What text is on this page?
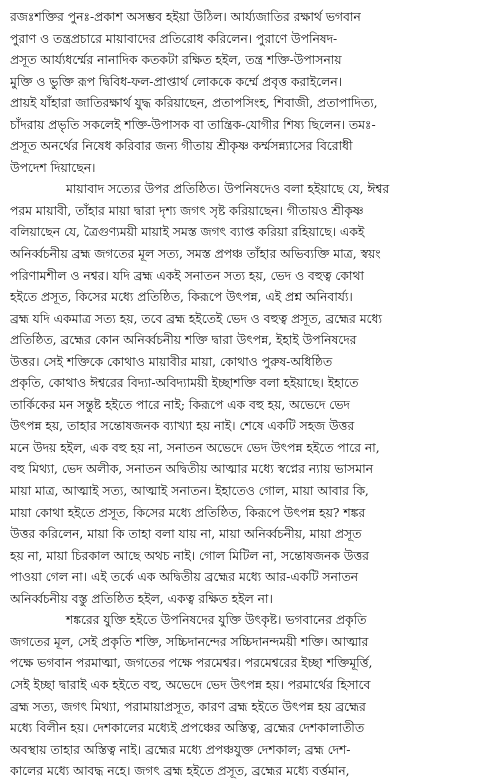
রজঃশক্তির পুনঃ-প্রকাশ অসম্ভব হইয়া উঠিল। আর্য্যজাতির রক্ষার্থ ভগবান
পুরাণ ও তন্ত্রপ্রচারে মায়াবাদের প্রতিরোধ করিলেন। পুরাণে উপনিষদ-
প্রসূত আর্য্যধর্ম্মের নানাদিক কতকটা রক্ষিত হইল, তন্ত্র শক্তি-উপাসনায়
মুক্তি ও ভুক্তি রূপ দ্বিবিধ-ফল-প্রাপ্তার্থ লোককে কর্ম্মে প্রবৃত্ত করাইলেন।
প্রায়ই যাঁহারা জাতিরক্ষার্থ যুদ্ধ করিয়াছেন, প্রতাপসিংহ, শিবাজী, প্রতাপাদিত্য,
চাঁদরায় প্রভৃতি সকলেই শক্তি-উপাসক বা তান্ত্রিক-যোগীর শিষ্য ছিলেন। তমঃ-
প্রসূত অনর্থের নিষেধ করিবার জন্য গীতায় শ্রীকৃষ্ণ কর্ম্মসন্ন্যাসের বিরোধী
উপদেশ দিয়াছেন।

মায়াবাদ সত্যের উপর প্রতিষ্ঠিত। উপনিষদেও বলা হইয়াছে যে, ঈশ্বর
পরম মায়াবী, তাঁহার মায়া দ্বারা দৃশ্য জগৎ সৃষ্ট করিয়াছেন। গীতায়ও শ্রীকৃষ্ণ
বলিয়াছেন যে, ত্রৈগুণ্যময়ী মায়াই সমস্ত জগৎ ব্যাপ্ত করিয়া রহিয়াছে। একই
অনির্ব্বচনীয় ব্রহ্ম জগতের মূল সত্য, সমস্ত প্রপঞ্চ তাঁহার অভিব্যক্তি মাত্র, স্বয়ং
পরিণামশীল ও নশ্বর। যদি ব্রহ্ম একই সনাতন সত্য হয়, ভেদ ও বহুত্ব কোথা
হইতে প্রসূত, কিসের মধ্যে প্রতিষ্ঠিত, কিরূপে উৎপন্ন, এই প্রশ্ন অনিবার্য্য।
ব্রহ্ম যদি একমাত্র সত্য হয়, তবে ব্রহ্ম হইতেই ভেদ ও বহুত্ব প্রসূত, ব্রহ্মের মধ্যে
প্রতিষ্ঠিত, ব্রহ্মের কোন অনির্ব্বচনীয় শক্তি দ্বারা উৎপন্ন, ইহাই উপনিষদের
উত্তর। সেই শক্তিকে কোথাও মায়াবীর মায়া, কোথাও পুরুষ-অধিষ্ঠিত
প্রকৃতি, কোথাও ঈশ্বরের বিদ্যা-অবিদ্যাময়ী ইচ্ছাশক্তি বলা হইয়াছে। ইহাতে
তার্কিকের মন সন্তুষ্ট হইতে পারে নাই; কিরূপে এক বহু হয়, অভেদে ভেদ
উৎপন্ন হয়, তাহার সন্তোষজনক ব্যাখ্যা হয় নাই। শেষে একটি সহজ উত্তর
মনে উদয় হইল, এক বহু হয় না, সনাতন অভেদে ভেদ উৎপন্ন হইতে পারে না,
বহু মিথ্যা, ভেদ অলীক, সনাতন অদ্বিতীয় আত্মার মধ্যে স্বপ্নের ন্যায় ভাসমান
মায়া মাত্র, আত্মাই সত্য, আত্মাই সনাতন। ইহাতেও গোল, মায়া আবার কি,
মায়া কোথা হইতে প্রসূত, কিসের মধ্যে প্রতিষ্ঠিত, কিরূপে উৎপন্ন হয়? শঙ্কর
উত্তর করিলেন, মায়া কি তাহা বলা যায় না, মায়া অনির্ব্বচনীয়, মায়া প্রসূত
হয় না, মায়া চিরকাল আছে অথচ নাই। গোল মিটিল না, সন্তোষজনক উত্তর
পাওয়া গেল না। এই তর্কে এক অদ্বিতীয় ব্রহ্মের মধ্যে আর-একটি সনাতন
অনির্ব্বচনীয় বস্তু প্রতিষ্ঠিত হইল, একত্ব রক্ষিত হইল না।

শঙ্করের যুক্তি হইতে উপনিষদের যুক্তি উৎকৃষ্ট। ভগবানের প্রকৃতি
জগতের মূল, সেই প্রকৃতি শক্তি, সচ্চিদানন্দের সচ্চিদানন্দময়ী শক্তি। আত্মার
পক্ষে ভগবান পরমাত্মা, জগতের পক্ষে পরমেশ্বর। পরমেশ্বরের ইচ্ছা শক্তিমূর্ত্তি,
সেই ইচ্ছা দ্বারাই এক হইতে বহু, অভেদে ভেদ উৎপন্ন হয়। পরমার্থের হিসাবে
ব্রহ্ম সত্য, জগৎ মিথ্যা, পরামায়াপ্রসূত, কারণ ব্রহ্ম হইতে উৎপন্ন হয় ব্রহ্মের
মধ্যে বিলীন হয়। দেশকালের মধ্যেই প্রপঞ্চের অস্তিত্ব, ব্রহ্মের দেশকালাতীত
অবস্থায় তাহার অস্তিত্ব নাই। ব্রহ্মের মধ্যে প্রপঞ্চযুক্ত দেশকাল; ব্রহ্ম দেশ-
কালের মধ্যে আবদ্ধ নহে। জগৎ ব্রহ্ম হইতে প্রসূত, ব্রহ্মের মধ্যে বর্ত্তমান,
